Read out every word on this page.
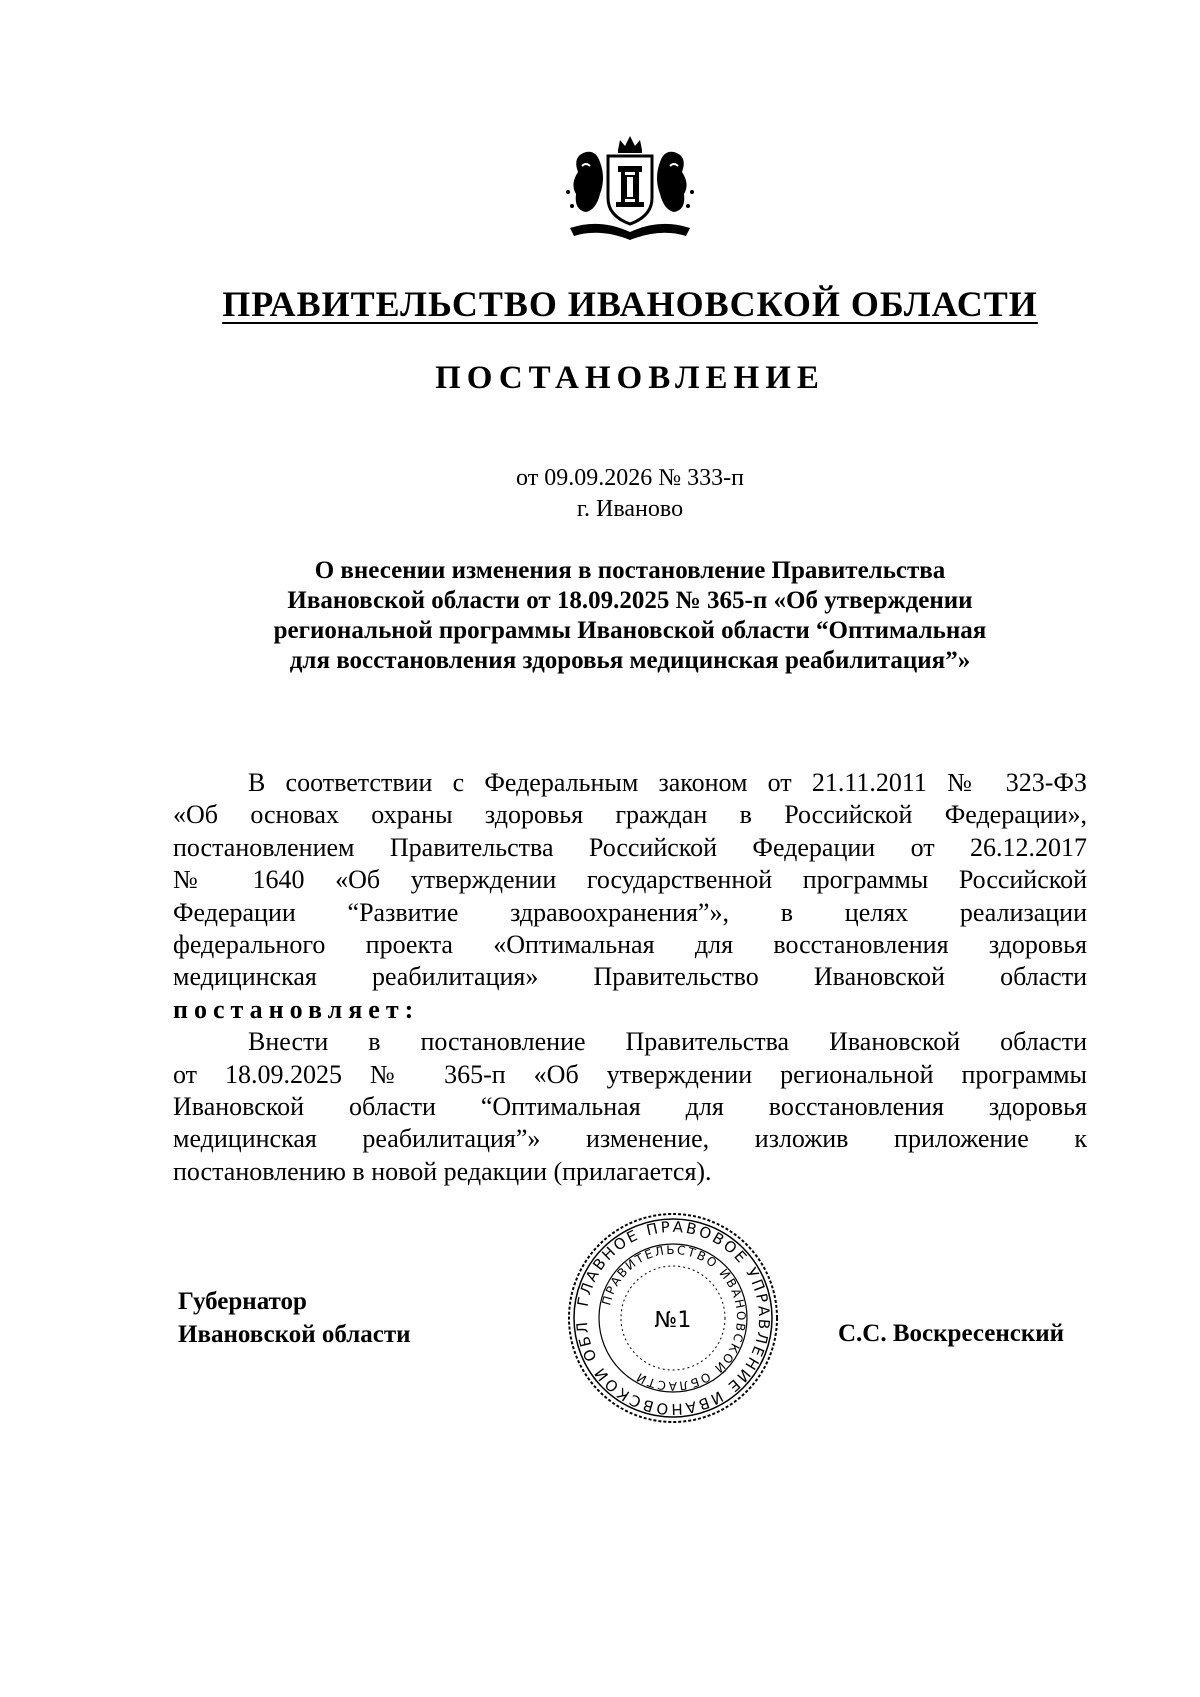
ПРАВИТЕЛЬСТВО ИВАНОВСКОЙ ОБЛАСТИ
ПОСТАНОВЛЕНИЕ
от 09.09.2026 № 333-п
г. Иваново
О внесении изменения в постановление Правительства
Ивановской области от 18.09.2025 № 365-п «Об утверждении
региональной программы Ивановской области “Оптимальная
для восстановления здоровья медицинская реабилитация”»
В соответствии с Федеральным законом от 21.11.2011 № 323-ФЗ
«Об основах охраны здоровья граждан в Российской Федерации»,
постановлением Правительства Российской Федерации от 26.12.2017
№ 1640 «Об утверждении государственной программы Российской
Федерации “Развитие здравоохранения”», в целях реализации
федерального проекта «Оптимальная для восстановления здоровья
медицинская реабилитация» Правительство Ивановской области
постановляет:
Внести в постановление Правительства Ивановской области
от 18.09.2025 № 365-п «Об утверждении региональной программы
Ивановской области “Оптимальная для восстановления здоровья
медицинская реабилитация”» изменение, изложив приложение к
постановлению в новой редакции (прилагается).
Губернатор
Ивановской области	С.С. Воскресенский
ГЛАВНОЕ ПРАВОВОЕ УПРАВЛЕНИЕ ИВАНОВСКОЙ ОБЛ
ПРАВИТЕЛЬСТВО ИВАНОВСКОЙ ОБЛАСТИ
№1
